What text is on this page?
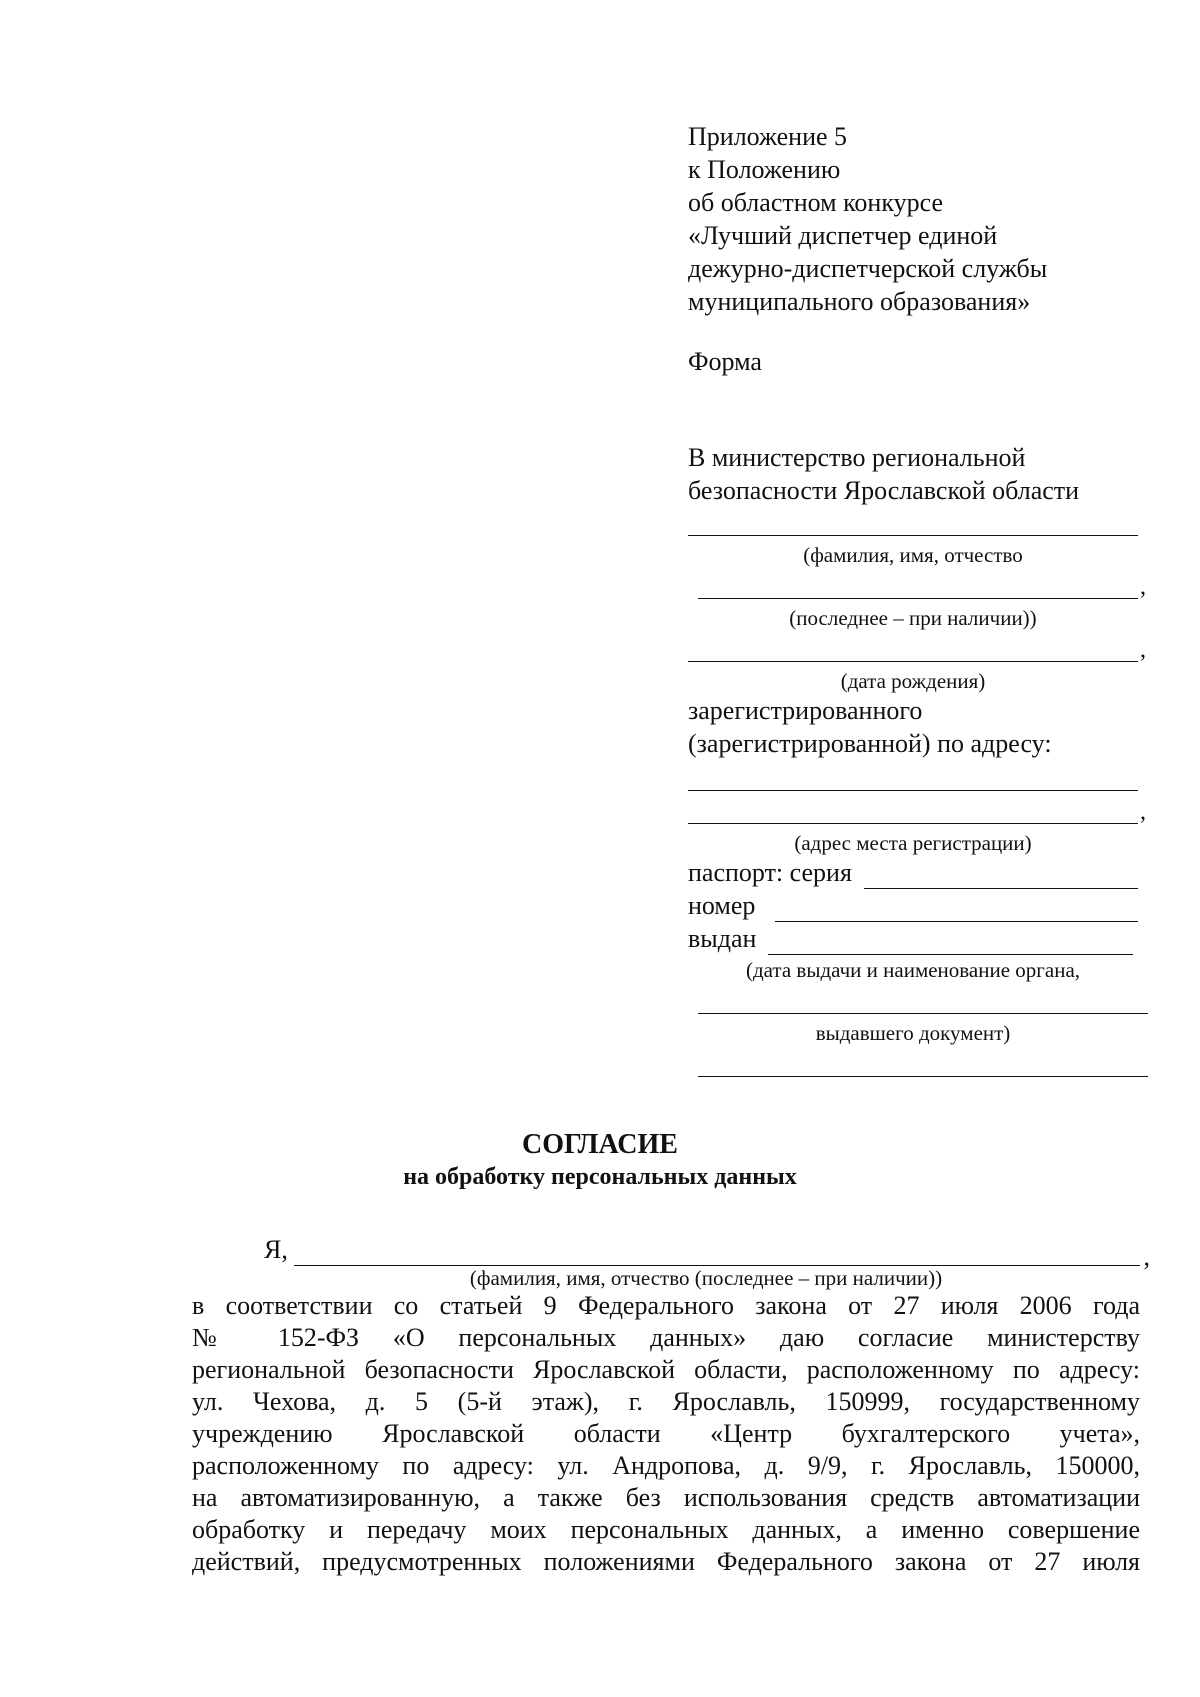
Приложение 5
к Положению
об областном конкурсе
«Лучший диспетчер единой
дежурно-диспетчерской службы
муниципального образования»
Форма
В министерство региональной
безопасности Ярославской области
(фамилия, имя, отчество
,
(последнее – при наличии))
,
(дата рождения)
зарегистрированного
(зарегистрированной) по адресу:
,
(адрес места регистрации)
паспорт: серия
номер
выдан
(дата выдачи и наименование органа,
выдавшего документ)
СОГЛАСИЕ
на обработку персональных данных
Я,	,
(фамилия, имя, отчество (последнее – при наличии))
в соответствии со статьей 9 Федерального закона от 27 июля 2006 года
№ 152-ФЗ «О персональных данных» даю согласие министерству
региональной безопасности Ярославской области, расположенному по адресу:
ул. Чехова, д. 5 (5-й этаж), г. Ярославль, 150999, государственному
учреждению Ярославской области «Центр бухгалтерского учета»,
расположенному по адресу: ул. Андропова, д. 9/9, г. Ярославль, 150000,
на автоматизированную, а также без использования средств автоматизации
обработку и передачу моих персональных данных, а именно совершение
действий, предусмотренных положениями Федерального закона от 27 июля
